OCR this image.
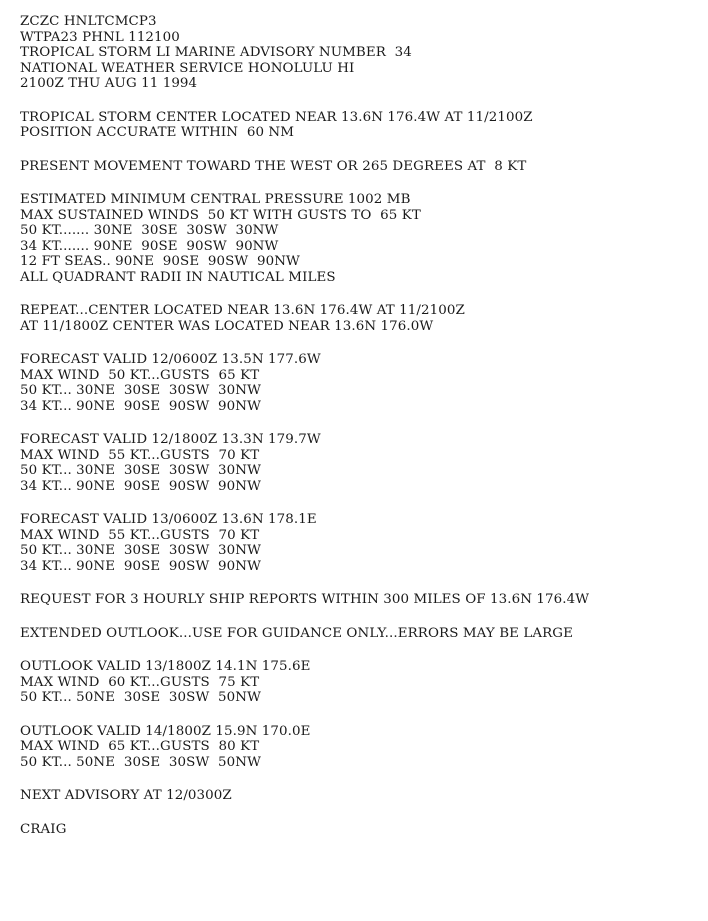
ZCZC HNLTCMCP3
WTPA23 PHNL 112100
TROPICAL STORM LI MARINE ADVISORY NUMBER  34
NATIONAL WEATHER SERVICE HONOLULU HI
2100Z THU AUG 11 1994
TROPICAL STORM CENTER LOCATED NEAR 13.6N 176.4W AT 11/2100Z
POSITION ACCURATE WITHIN  60 NM
PRESENT MOVEMENT TOWARD THE WEST OR 265 DEGREES AT  8 KT
ESTIMATED MINIMUM CENTRAL PRESSURE 1002 MB
MAX SUSTAINED WINDS  50 KT WITH GUSTS TO  65 KT
50 KT....... 30NE  30SE  30SW  30NW
34 KT....... 90NE  90SE  90SW  90NW
12 FT SEAS.. 90NE  90SE  90SW  90NW
ALL QUADRANT RADII IN NAUTICAL MILES
REPEAT...CENTER LOCATED NEAR 13.6N 176.4W AT 11/2100Z
AT 11/1800Z CENTER WAS LOCATED NEAR 13.6N 176.0W
FORECAST VALID 12/0600Z 13.5N 177.6W
MAX WIND  50 KT...GUSTS  65 KT
50 KT... 30NE  30SE  30SW  30NW
34 KT... 90NE  90SE  90SW  90NW
FORECAST VALID 12/1800Z 13.3N 179.7W
MAX WIND  55 KT...GUSTS  70 KT
50 KT... 30NE  30SE  30SW  30NW
34 KT... 90NE  90SE  90SW  90NW
FORECAST VALID 13/0600Z 13.6N 178.1E
MAX WIND  55 KT...GUSTS  70 KT
50 KT... 30NE  30SE  30SW  30NW
34 KT... 90NE  90SE  90SW  90NW
REQUEST FOR 3 HOURLY SHIP REPORTS WITHIN 300 MILES OF 13.6N 176.4W
EXTENDED OUTLOOK...USE FOR GUIDANCE ONLY...ERRORS MAY BE LARGE
OUTLOOK VALID 13/1800Z 14.1N 175.6E
MAX WIND  60 KT...GUSTS  75 KT
50 KT... 50NE  30SE  30SW  50NW
OUTLOOK VALID 14/1800Z 15.9N 170.0E
MAX WIND  65 KT...GUSTS  80 KT
50 KT... 50NE  30SE  30SW  50NW
NEXT ADVISORY AT 12/0300Z
CRAIG
